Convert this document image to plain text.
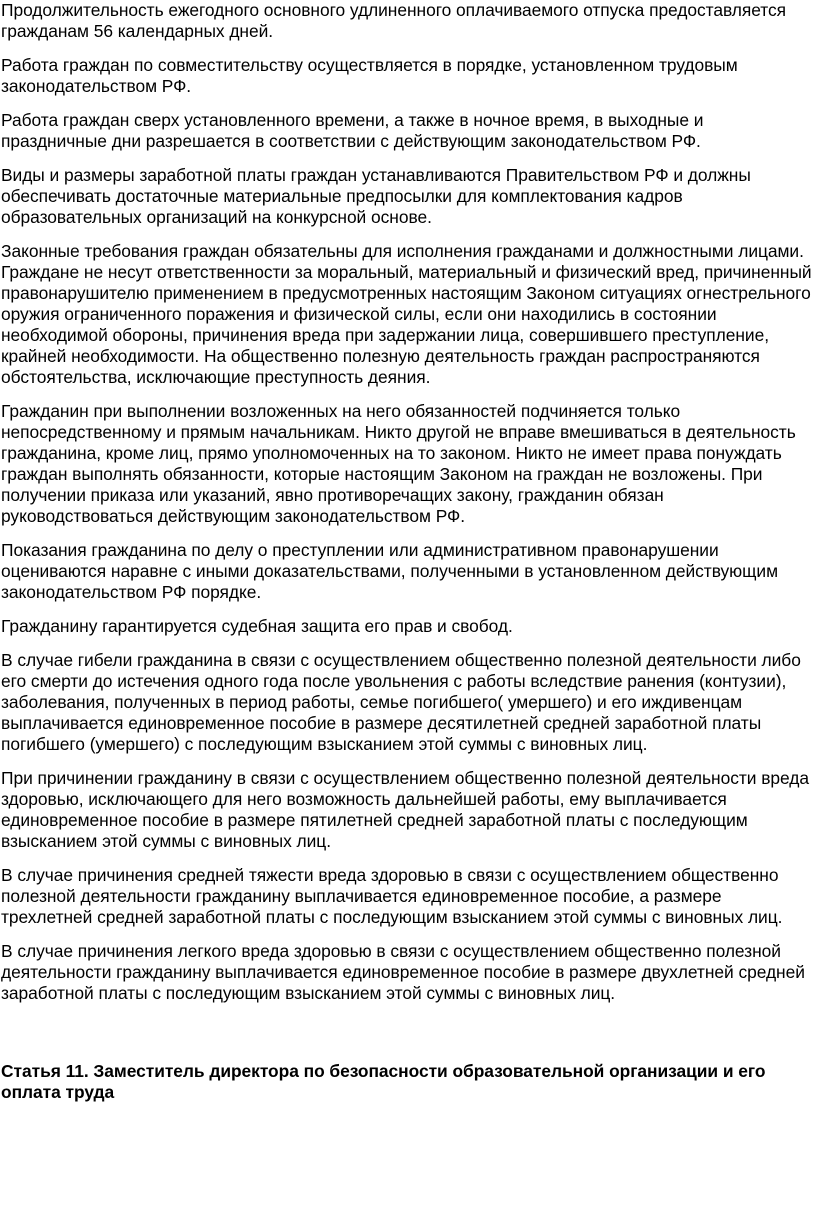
Продолжительность ежегодного основного удлиненного оплачиваемого отпуска предоставляется гражданам 56 календарных дней.

Работа граждан по совместительству осуществляется в порядке, установленном трудовым законодательством РФ.

Работа граждан сверх установленного времени, а также в ночное время, в выходные и праздничные дни разрешается в соответствии с действующим законодательством РФ.

Виды и размеры заработной платы граждан устанавливаются Правительством РФ и должны обеспечивать достаточные материальные предпосылки для комплектования кадров образовательных организаций на конкурсной основе.

Законные требования граждан обязательны для исполнения гражданами и должностными лицами. Граждане не несут ответственности за моральный, материальный и физический вред, причиненный правонарушителю применением в предусмотренных настоящим Законом ситуациях огнестрельного оружия ограниченного поражения и физической силы, если они находились в состоянии необходимой обороны, причинения вреда при задержании лица, совершившего преступление, крайней необходимости. На общественно полезную деятельность граждан распространяются обстоятельства, исключающие преступность деяния.

Гражданин при выполнении возложенных на него обязанностей подчиняется только непосредственному и прямым начальникам. Никто другой не вправе вмешиваться в деятельность гражданина, кроме лиц, прямо уполномоченных на то законом. Никто не имеет права понуждать граждан выполнять обязанности, которые настоящим Законом на граждан не возложены. При получении приказа или указаний, явно противоречащих закону, гражданин обязан руководствоваться действующим законодательством РФ.

Показания гражданина по делу о преступлении или административном правонарушении оцениваются наравне с иными доказательствами, полученными в установленном действующим законодательством РФ порядке.

Гражданину гарантируется судебная защита его прав и свобод.

В случае гибели гражданина в связи с осуществлением общественно полезной деятельности либо его смерти до истечения одного года после увольнения с работы вследствие ранения (контузии), заболевания, полученных в период работы, семье погибшего( умершего) и его иждивенцам выплачивается единовременное пособие в размере десятилетней средней заработной платы погибшего (умершего) с последующим взысканием этой суммы с виновных лиц.

При причинении гражданину в связи с осуществлением общественно полезной деятельности вреда здоровью, исключающего для него возможность дальнейшей работы, ему выплачивается единовременное пособие в размере пятилетней средней заработной платы с последующим взысканием этой суммы с виновных лиц.

В случае причинения средней тяжести вреда здоровью в связи с осуществлением общественно полезной деятельности гражданину выплачивается единовременное пособие, а размере трехлетней средней заработной платы с последующим взысканием этой суммы с виновных лиц.

В случае причинения легкого вреда здоровью в связи с осуществлением общественно полезной деятельности гражданину выплачивается единовременное пособие в размере двухлетней средней заработной платы с последующим взысканием этой суммы с виновных лиц.

Статья 11. Заместитель директора по безопасности образовательной организации и его оплата труда
